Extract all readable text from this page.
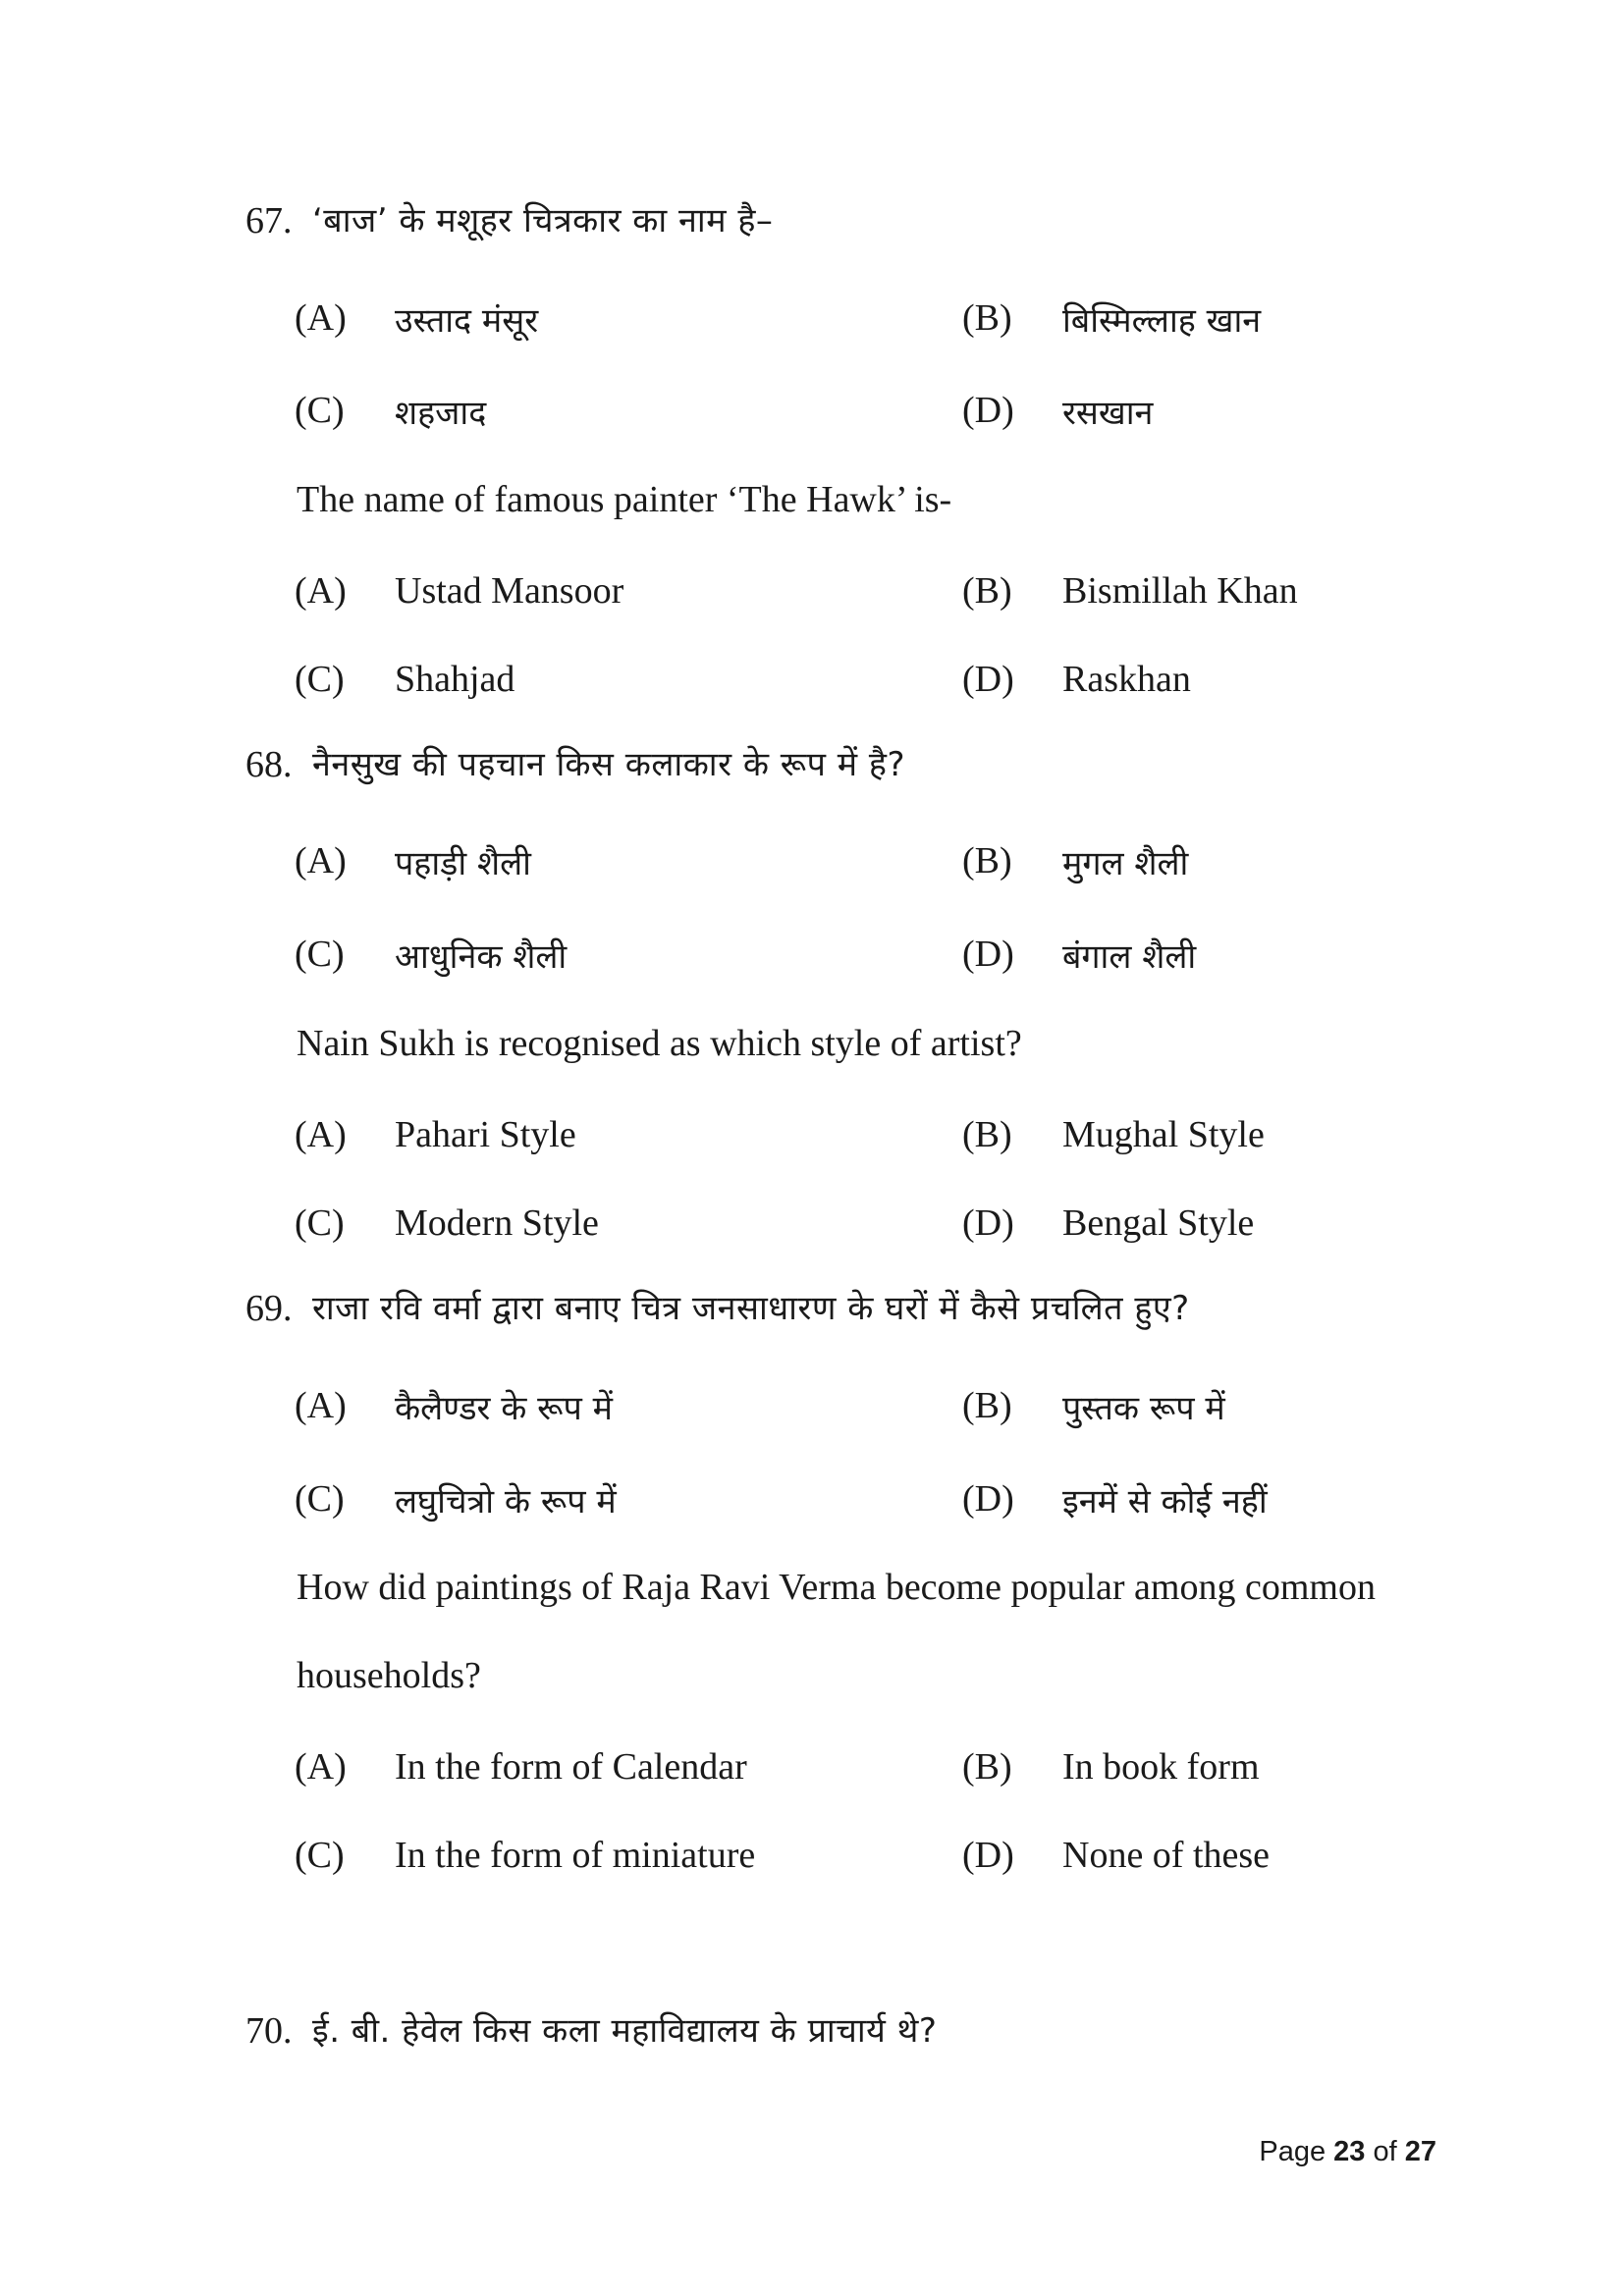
67. ‘बाज’ के मशूहर चित्रकार का नाम है–
(A) उस्ताद मंसूर	(B) बिस्मिल्लाह खान
(C) शहजाद	(D) रसखान
The name of famous painter ‘The Hawk’ is-
(A) Ustad Mansoor	(B) Bismillah Khan
(C) Shahjad	(D) Raskhan
68. नैनसुख की पहचान किस कलाकार के रूप में है?
(A) पहाड़ी शैली	(B) मुगल शैली
(C) आधुनिक शैली	(D) बंगाल शैली
Nain Sukh is recognised as which style of artist?
(A) Pahari Style	(B) Mughal Style
(C) Modern Style	(D) Bengal Style
69. राजा रवि वर्मा द्वारा बनाए चित्र जनसाधारण के घरों में कैसे प्रचलित हुए?
(A) कैलैण्डर के रूप में	(B) पुस्तक रूप में
(C) लघुचित्रो के रूप में	(D) इनमें से कोई नहीं
How did paintings of Raja Ravi Verma become popular among common
households?
(A) In the form of Calendar	(B) In book form
(C) In the form of miniature	(D) None of these
70. ई. बी. हेवेल किस कला महाविद्यालय के प्राचार्य थे?
Page 23 of 27
